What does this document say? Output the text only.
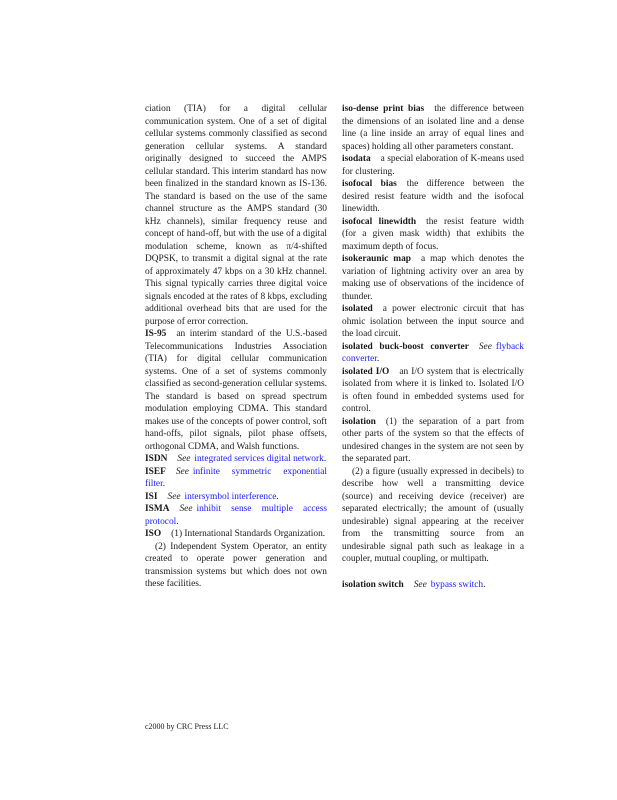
ciation (TIA) for a digital cellular communication system. One of a set of digital cellular systems commonly classified as second generation cellular systems. A standard originally designed to succeed the AMPS cellular standard. This interim standard has now been finalized in the standard known as IS-136. The standard is based on the use of the same channel structure as the AMPS standard (30 kHz channels), similar frequency reuse and concept of hand-off, but with the use of a digital modulation scheme, known as π/4-shifted DQPSK, to transmit a digital signal at the rate of approximately 47 kbps on a 30 kHz channel. This signal typically carries three digital voice signals encoded at the rates of 8 kbps, excluding additional overhead bits that are used for the purpose of error correction.

IS-95 an interim standard of the U.S.-based Telecommunications Industries Association (TIA) for digital cellular communication systems. One of a set of systems commonly classified as second-generation cellular systems. The standard is based on spread spectrum modulation employing CDMA. This standard makes use of the concepts of power control, soft hand-offs, pilot signals, pilot phase offsets, orthogonal CDMA, and Walsh functions.

ISDN See integrated services digital network.

ISEF See infinite symmetric exponential filter.

ISI See intersymbol interference.

ISMA See inhibit sense multiple access protocol.

ISO (1) International Standards Organization.

(2) Independent System Operator, an entity created to operate power generation and transmission systems but which does not own these facilities.

iso-dense print bias the difference between the dimensions of an isolated line and a dense line (a line inside an array of equal lines and spaces) holding all other parameters constant.

isodata a special elaboration of K-means used for clustering.

isofocal bias the difference between the desired resist feature width and the isofocal linewidth.

isofocal linewidth the resist feature width (for a given mask width) that exhibits the maximum depth of focus.

isokeraunic map a map which denotes the variation of lightning activity over an area by making use of observations of the incidence of thunder.

isolated a power electronic circuit that has ohmic isolation between the input source and the load circuit.

isolated buck-boost converter See flyback converter.

isolated I/O an I/O system that is electrically isolated from where it is linked to. Isolated I/O is often found in embedded systems used for control.

isolation (1) the separation of a part from other parts of the system so that the effects of undesired changes in the system are not seen by the separated part.

(2) a figure (usually expressed in decibels) to describe how well a transmitting device (source) and receiving device (receiver) are separated electrically; the amount of (usually undesirable) signal appearing at the receiver from the transmitting source from an undesirable signal path such as leakage in a coupler, mutual coupling, or multipath.

isolation switch See bypass switch.

c2000 by CRC Press LLC
